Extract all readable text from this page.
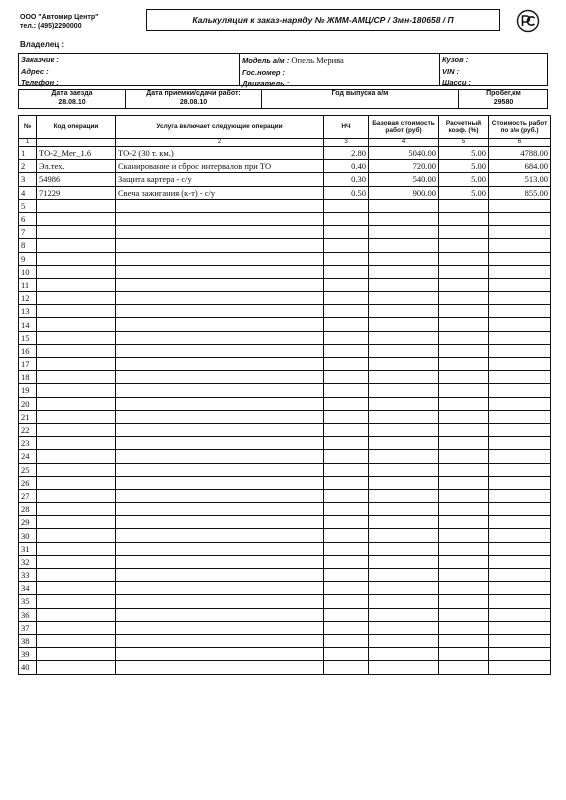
ООО "Автомир Центр"
тел.: (495)2290000
Калькуляция к заказ-наряду № ЖММ-АМЦ/СР / Змн-180658 / П
Владелец :
Заказчик :
Адрес :
Телефон :
Модель а/м : Опель Мерива
Гос.номер :
Двигатель :
Кузов :
VIN :
Шасси :
Дата заезда
28.08.10
Дата приемки/сдачи работ:
28.08.10
Год выпуска а/м	Пробег,км
29580
№	Код операции	Услуга включает следующие операции	НЧ	Базовая стоимость работ (руб)	Расчетный коэф. (%)	Стоимость работ по з/н (руб.)
1		2	3	4	5	6
1	ТО-2_Мег_1.6	ТО-2 (30 т. км.)	2.80	5040.00	5.00	4788.00
2	Эл.тех.	Сканирование и сброс интервалов при ТО	0.40	720.00	5.00	684.00
3	54986	Защита картера - с/у	0.30	540.00	5.00	513.00
4	71229	Свеча зажигания (к-т) - с/у	0.50	900.00	5.00	855.00
5						
6						
7						
8						
9						
10						
11						
12						
13						
14						
15						
16						
17						
18						
19						
20						
21						
22						
23						
24						
25						
26						
27						
28						
29						
30						
31						
32						
33						
34						
35						
36						
37						
38						
39						
40						
